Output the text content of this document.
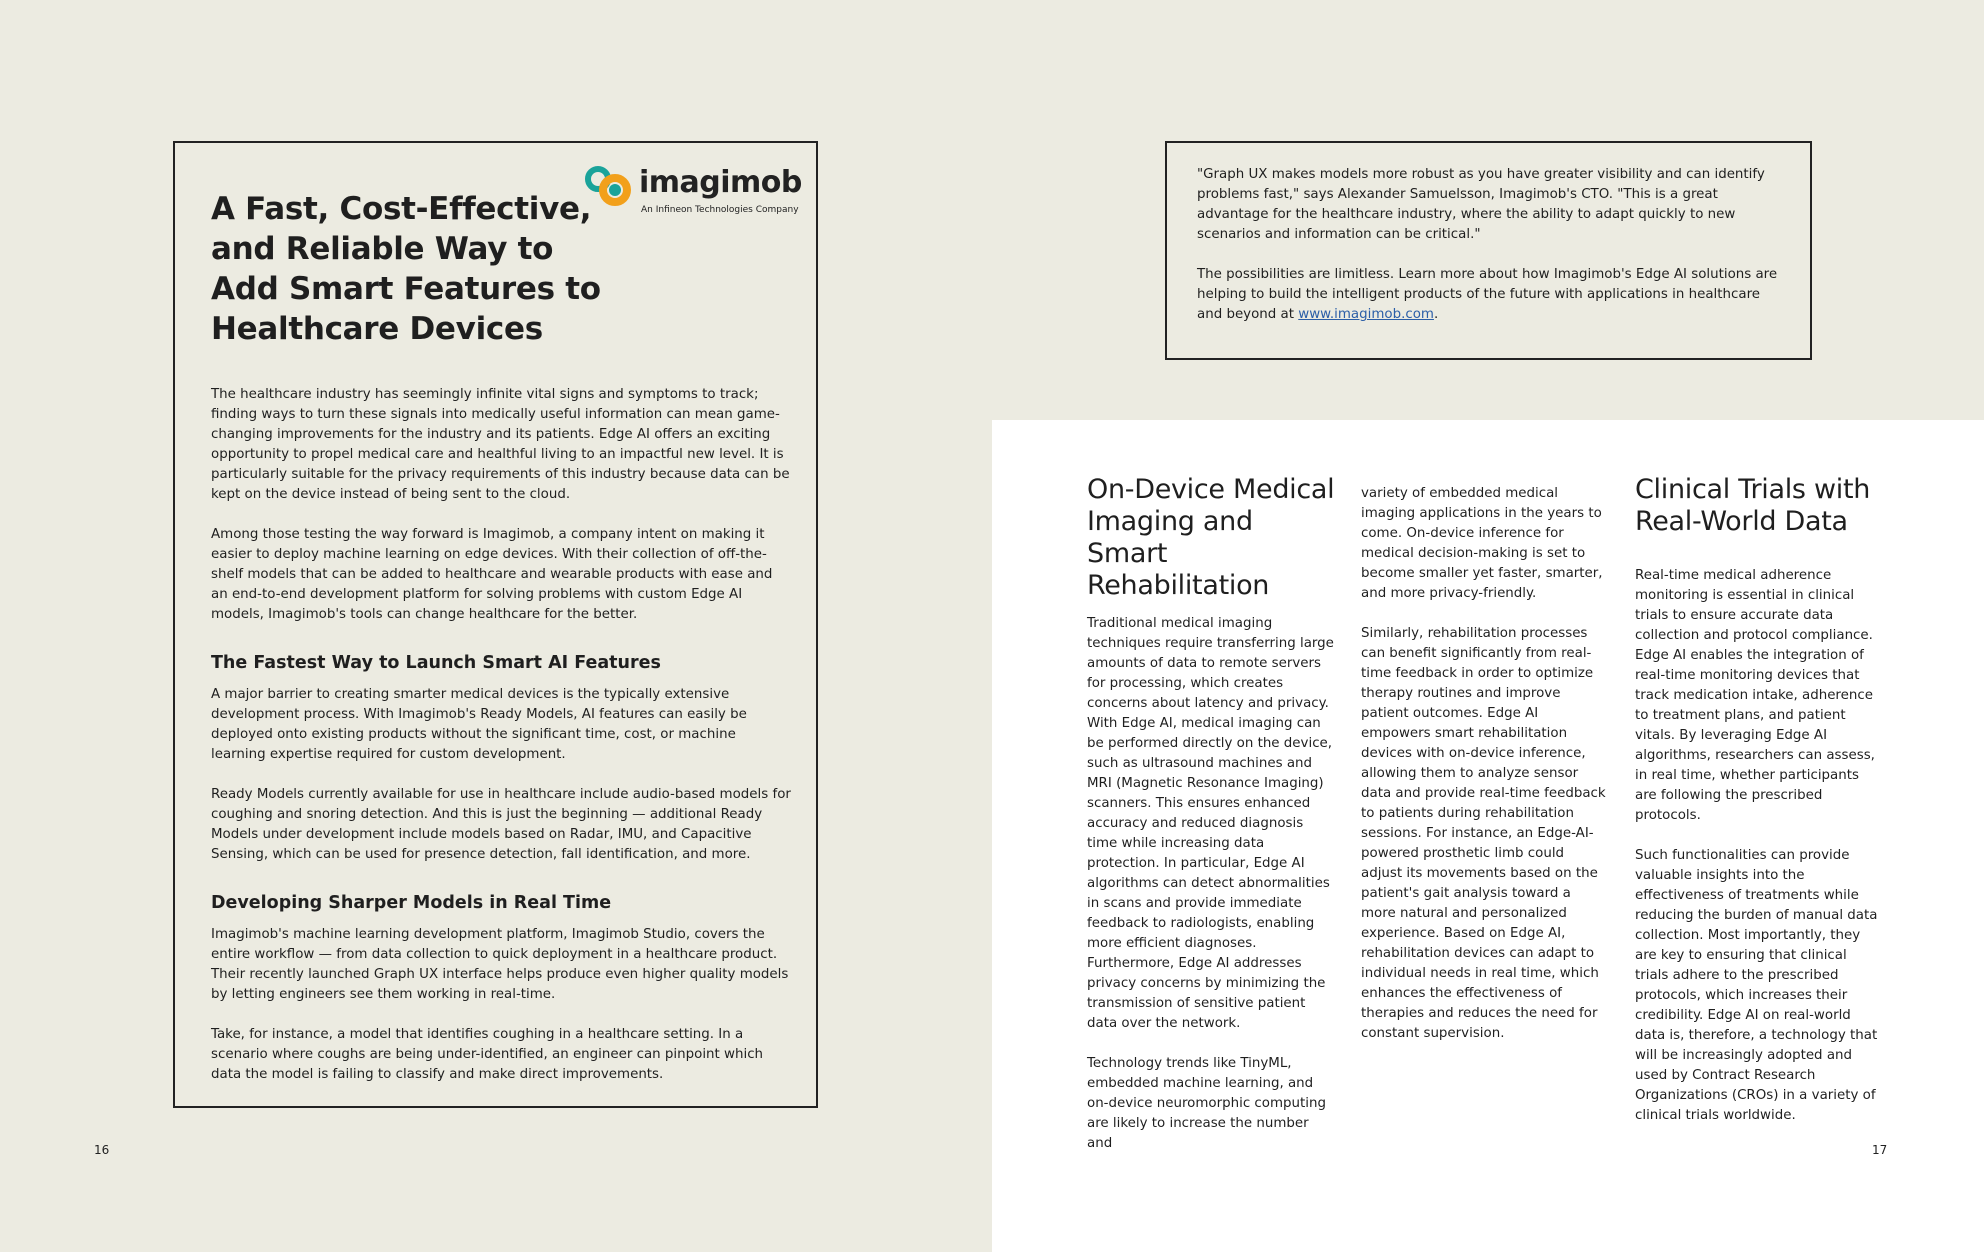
A Fast, Cost-Effective, and Reliable Way to Add Smart Features to Healthcare Devices
imagimob
An Infineon Technologies Company

The healthcare industry has seemingly infinite vital signs and symptoms to track; finding ways to turn these signals into medically useful information can mean game-changing improvements for the industry and its patients. Edge AI offers an exciting opportunity to propel medical care and healthful living to an impactful new level. It is particularly suitable for the privacy requirements of this industry because data can be kept on the device instead of being sent to the cloud.

Among those testing the way forward is Imagimob, a company intent on making it easier to deploy machine learning on edge devices. With their collection of off-the-shelf models that can be added to healthcare and wearable products with ease and an end-to-end development platform for solving problems with custom Edge AI models, Imagimob's tools can change healthcare for the better.

The Fastest Way to Launch Smart AI Features

A major barrier to creating smarter medical devices is the typically extensive development process. With Imagimob's Ready Models, AI features can easily be deployed onto existing products without the significant time, cost, or machine learning expertise required for custom development.

Ready Models currently available for use in healthcare include audio-based models for coughing and snoring detection. And this is just the beginning — additional Ready Models under development include models based on Radar, IMU, and Capacitive Sensing, which can be used for presence detection, fall identification, and more.

Developing Sharper Models in Real Time

Imagimob's machine learning development platform, Imagimob Studio, covers the entire workflow — from data collection to quick deployment in a healthcare product. Their recently launched Graph UX interface helps produce even higher quality models by letting engineers see them working in real-time.

Take, for instance, a model that identifies coughing in a healthcare setting. In a scenario where coughs are being under-identified, an engineer can pinpoint which data the model is failing to classify and make direct improvements.

16

"Graph UX makes models more robust as you have greater visibility and can identify problems fast," says Alexander Samuelsson, Imagimob's CTO. "This is a great advantage for the healthcare industry, where the ability to adapt quickly to new scenarios and information can be critical."

The possibilities are limitless. Learn more about how Imagimob's Edge AI solutions are helping to build the intelligent products of the future with applications in healthcare and beyond at www.imagimob.com.

On-Device Medical Imaging and Smart Rehabilitation

Traditional medical imaging techniques require transferring large amounts of data to remote servers for processing, which creates concerns about latency and privacy. With Edge AI, medical imaging can be performed directly on the device, such as ultrasound machines and MRI (Magnetic Resonance Imaging) scanners. This ensures enhanced accuracy and reduced diagnosis time while increasing data protection. In particular, Edge AI algorithms can detect abnormalities in scans and provide immediate feedback to radiologists, enabling more efficient diagnoses. Furthermore, Edge AI addresses privacy concerns by minimizing the transmission of sensitive patient data over the network.

Technology trends like TinyML, embedded machine learning, and on-device neuromorphic computing are likely to increase the number and

variety of embedded medical imaging applications in the years to come. On-device inference for medical decision-making is set to become smaller yet faster, smarter, and more privacy-friendly.

Similarly, rehabilitation processes can benefit significantly from real-time feedback in order to optimize therapy routines and improve patient outcomes. Edge AI empowers smart rehabilitation devices with on-device inference, allowing them to analyze sensor data and provide real-time feedback to patients during rehabilitation sessions. For instance, an Edge-AI-powered prosthetic limb could adjust its movements based on the patient's gait analysis toward a more natural and personalized experience. Based on Edge AI, rehabilitation devices can adapt to individual needs in real time, which enhances the effectiveness of therapies and reduces the need for constant supervision.

Clinical Trials with Real-World Data

Real-time medical adherence monitoring is essential in clinical trials to ensure accurate data collection and protocol compliance. Edge AI enables the integration of real-time monitoring devices that track medication intake, adherence to treatment plans, and patient vitals. By leveraging Edge AI algorithms, researchers can assess, in real time, whether participants are following the prescribed protocols.

Such functionalities can provide valuable insights into the effectiveness of treatments while reducing the burden of manual data collection. Most importantly, they are key to ensuring that clinical trials adhere to the prescribed protocols, which increases their credibility. Edge AI on real-world data is, therefore, a technology that will be increasingly adopted and used by Contract Research Organizations (CROs) in a variety of clinical trials worldwide.

17
